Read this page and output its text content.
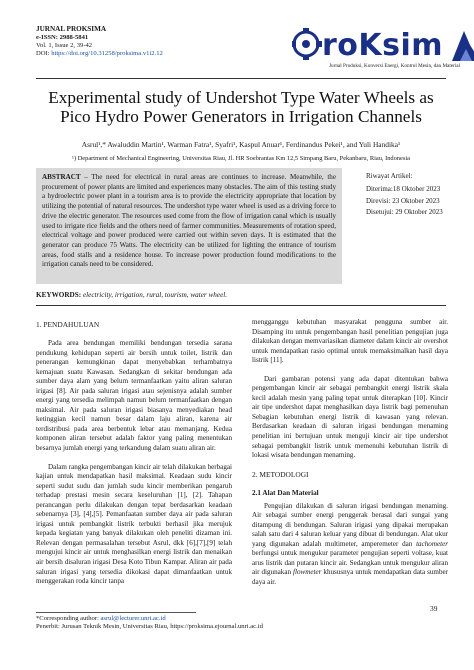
JURNAL PROKSIMA
e-ISSN: 2988-5841
Vol. 1, Issue 2, 39-42
DOI: https://doi.org/10.31258/proksima.v1i2.12	roKsim
Jurnal Produksi, Konversi Energi, Kontrol Mesin, dan Material
Experimental study of Undershot Type Water Wheels as Pico Hydro Power Generators in Irrigation Channels
Asrul¹,* Awaluddin Martin¹, Warman Fatra¹, Syafri¹, Kaspul Anuar¹, Ferdinandus Pekei¹, and Yuli Handika¹
¹) Department of Mechanical Engineering, Universitas Riau, Jl. HR Soebrantas Km 12,5 Simpang Baru, Pekanbaru, Riau, Indonesia
ABSTRACT – The need for electrical in rural areas are continues to increase. Meanwhile, the procurement of power plants are limited and experiences many obstacles. The aim of this testing study a hydroelectric power plant in a tourism area is to provide the electricity appropriate that location by utilizing the potential of natural resources. The undershot type water wheel is used as a driving force to drive the electric generator. The resources used come from the flow of irrigation canal which is usually used to irrigate rice fields and the others need of farmer communities. Measurements of rotation speed, electrical voltage and power produced were carried out within seven days. It is estimated that the generator can produce 75 Watts. The electricity can be utilized for lighting the entrance of tourism areas, food stalls and a residence house. To increase power production found modifications to the irrigation canals need to be considered.
Riwayat Artikel:
Diterima:18 Oktober 2023
Direvisi: 23 Oktober 2023
Disetujui: 29 Oktober 2023
KEYWORDS: electricity, irrigation, rural, tourism, water wheel.
1. PENDAHULUAN

Pada area bendungan memiliki bendungan tersedia sarana pendukung kehidupan seperti air bersih untuk toilet, listrik dan penerangan kemungkinan dapat menyebabkan terhambatnya kemajuan suatu Kawasan. Sedangkan di sekitar bendungan ada sumber daya alam yang belum termanfaatkan yaitu aliran saluran irigasi [8]. Air pada saluran irigasi atau sejenisnya adalah sumber energi yang tersedia melimpah namun belum termanfaatkan dengan maksimal. Air pada saluran irigasi biasanya menyediakan head ketinggian kecil namun besar dalam laju aliran, karena air terdistribusi pada area berbentuk lebar atau memanjang. Kedua komponen aliran tersebut adalah faktor yang paling menentukan besarnya jumlah energi yang terkandung dalam suatu aliran air.

Dalam rangka pengembangan kincir air telah dilakukan berbagai kajian untuk mendapatkan hasil maksimal. Keadaan sudu kincir seperti sudut sudu dan jumlah sudu kincir memberikan pengaruh terhadap prestasi mesin secara keseluruhan [1], [2]. Tahapan perancangan perlu dilakukan dengan tepat berdasarkan keadaan sebenarnya [3], [4],[5]. Pemanfaatan sumber daya air pada saluran irigasi untuk pembangkit listrik terbukti berhasil jika merujuk kepada kegiatan yang banyak dilakukan oleh peneliti dizaman ini. Relevan dengan permasalahan tersebut Asrul, dkk [6],[7],[9] telah mengujui kincir air untuk menghasilkan energi listrik dan menaikan air bersih disaluran irigasi Desa Koto Tibun Kampar. Aliran air pada saluran irigasi yang tersedia dikokasi dapat dimanfaatkan untuk menggerakan roda kincir tanpa

mengganggu kebutuhan masyarakat pengguna sumber air. Disamping itu untuk pengembangan hasil penelitian pengujian juga dilakukan dengan memvariasikan diameter dalam kincir air overshot untuk mendapatkan rasio optimal untuk memaksimalkan hasil daya listrik [11].

Dari gambaran potensi yang ada dapat ditentukan bahwa pengembangan kincir air sebagai pembangkit energi listrik skala kecil adalah mesin yang paling tepat untuk diterapkan [10]. Kincir air tipe undershot dapat menghasilkan daya listrik bagi pemenuhan Sebagian kebutuhan energi listrik di kawasan yang relevan. Berdasarkan keadaan di saluran irigasi bendungan menaming penelitian ini bertujuan untuk menguji kincir air tipe undershot sebagai pembangkit listrik untuk memenuhi kebutuhan listrik di lokasi wisata bendungan menaming.

2. METODOLOGI
2.1 Alat Dan Material

Pengujian dilakukan di saluran irigasi bendungan menaming. Air sebagai sumber energi penggerak berasal dari sungai yang ditampung di bendungan. Saluran irigasi yang dipakai merupakan salah satu dari 4 saluran keluar yang dibuat di bendungan. Alat ukur yang digunakan adalah multimeter, amperemeter dan tachometer berfungsi untuk mengukur parameter pengujian seperti voltase, kuat arus listrik dan putaran kincir air. Sedangkan untuk mengukur aliran air digunakan flowmeter khususnya untuk mendapatkan data sumber daya air.

39
*Corresponding author: asrul@lecturer.unri.ac.id
Penerbit: Jurusan Teknik Mesin, Universitas Riau, https://proksima.ejournal.unri.ac.id
